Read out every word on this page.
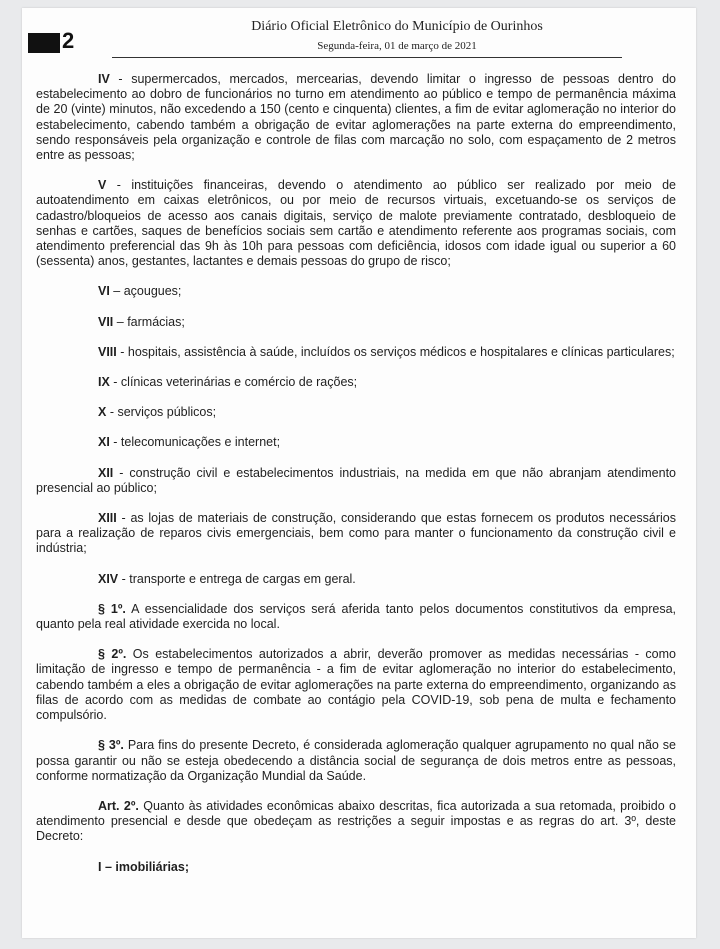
2
Diário Oficial Eletrônico do Município de Ourinhos
Segunda-feira, 01 de março de 2021

IV - supermercados, mercados, mercearias, devendo limitar o ingresso de pessoas dentro do estabelecimento ao dobro de funcionários no turno em atendimento ao público e tempo de permanência máxima de 20 (vinte) minutos, não excedendo a 150 (cento e cinquenta) clientes, a fim de evitar aglomeração no interior do estabelecimento, cabendo também a obrigação de evitar aglomerações na parte externa do empreendimento, sendo responsáveis pela organização e controle de filas com marcação no solo, com espaçamento de 2 metros entre as pessoas;

V - instituições financeiras, devendo o atendimento ao público ser realizado por meio de autoatendimento em caixas eletrônicos, ou por meio de recursos virtuais, excetuando-se os serviços de cadastro/bloqueios de acesso aos canais digitais, serviço de malote previamente contratado, desbloqueio de senhas e cartões, saques de benefícios sociais sem cartão e atendimento referente aos programas sociais, com atendimento preferencial das 9h às 10h para pessoas com deficiência, idosos com idade igual ou superior a 60 (sessenta) anos, gestantes, lactantes e demais pessoas do grupo de risco;

VI – açougues;

VII – farmácias;

VIII - hospitais, assistência à saúde, incluídos os serviços médicos e hospitalares e clínicas particulares;

IX - clínicas veterinárias e comércio de rações;

X - serviços públicos;

XI - telecomunicações e internet;

XII - construção civil e estabelecimentos industriais, na medida em que não abranjam atendimento presencial ao público;

XIII - as lojas de materiais de construção, considerando que estas fornecem os produtos necessários para a realização de reparos civis emergenciais, bem como para manter o funcionamento da construção civil e indústria;

XIV - transporte e entrega de cargas em geral.

§ 1º. A essencialidade dos serviços será aferida tanto pelos documentos constitutivos da empresa, quanto pela real atividade exercida no local.

§ 2º. Os estabelecimentos autorizados a abrir, deverão promover as medidas necessárias - como limitação de ingresso e tempo de permanência - a fim de evitar aglomeração no interior do estabelecimento, cabendo também a eles a obrigação de evitar aglomerações na parte externa do empreendimento, organizando as filas de acordo com as medidas de combate ao contágio pela COVID-19, sob pena de multa e fechamento compulsório.

§ 3º. Para fins do presente Decreto, é considerada aglomeração qualquer agrupamento no qual não se possa garantir ou não se esteja obedecendo a distância social de segurança de dois metros entre as pessoas, conforme normatização da Organização Mundial da Saúde.

Art. 2º. Quanto às atividades econômicas abaixo descritas, fica autorizada a sua retomada, proibido o atendimento presencial e desde que obedeçam as restrições a seguir impostas e as regras do art. 3º, deste Decreto:

I – imobiliárias;
